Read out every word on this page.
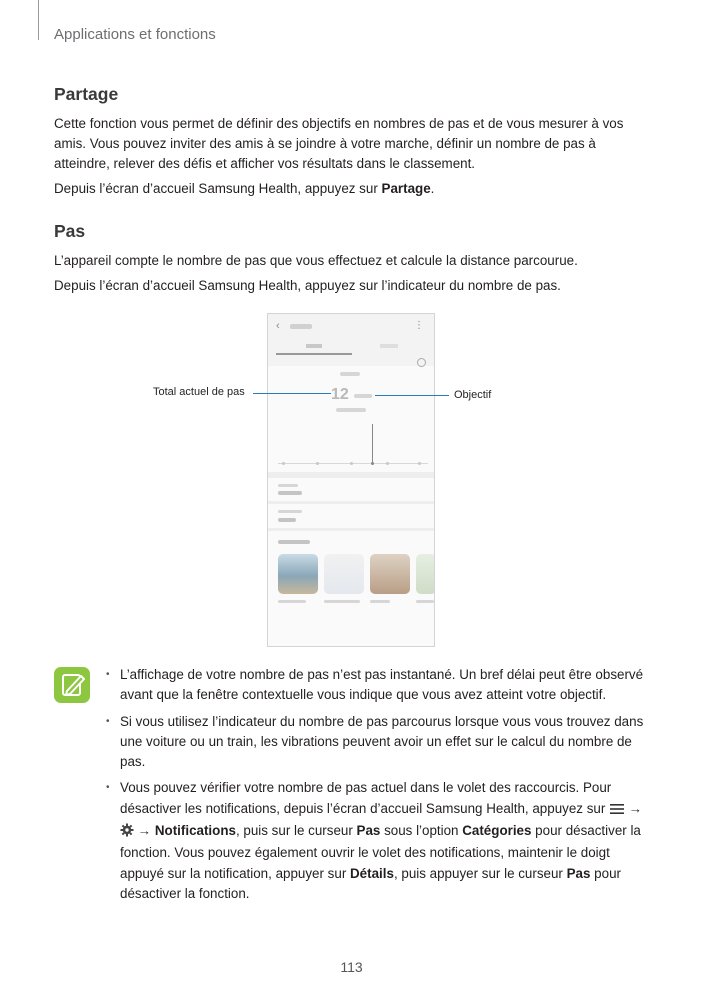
Applications et fonctions
Partage

Cette fonction vous permet de définir des objectifs en nombres de pas et de vous mesurer à vos amis. Vous pouvez inviter des amis à se joindre à votre marche, définir un nombre de pas à atteindre, relever des défis et afficher vos résultats dans le classement.

Depuis l’écran d’accueil Samsung Health, appuyez sur Partage.

Pas

L’appareil compte le nombre de pas que vous effectuez et calcule la distance parcourue.

Depuis l’écran d’accueil Samsung Health, appuyez sur l’indicateur du nombre de pas.

‹	⋮
12
Total actuel de pas	Objectif
• L’affichage de votre nombre de pas n’est pas instantané. Un bref délai peut être observé avant que la fenêtre contextuelle vous indique que vous avez atteint votre objectif.
• Si vous utilisez l’indicateur du nombre de pas parcourus lorsque vous vous trouvez dans une voiture ou un train, les vibrations peuvent avoir un effet sur le calcul du nombre de pas.
• Vous pouvez vérifier votre nombre de pas actuel dans le volet des raccourcis. Pour désactiver les notifications, depuis l’écran d’accueil Samsung Health, appuyez sur  →
→ Notifications, puis sur le curseur Pas sous l’option Catégories pour désactiver la fonction. Vous pouvez également ouvrir le volet des notifications, maintenir le doigt appuyé sur la notification, appuyer sur Détails, puis appuyer sur le curseur Pas pour désactiver la fonction.
113
